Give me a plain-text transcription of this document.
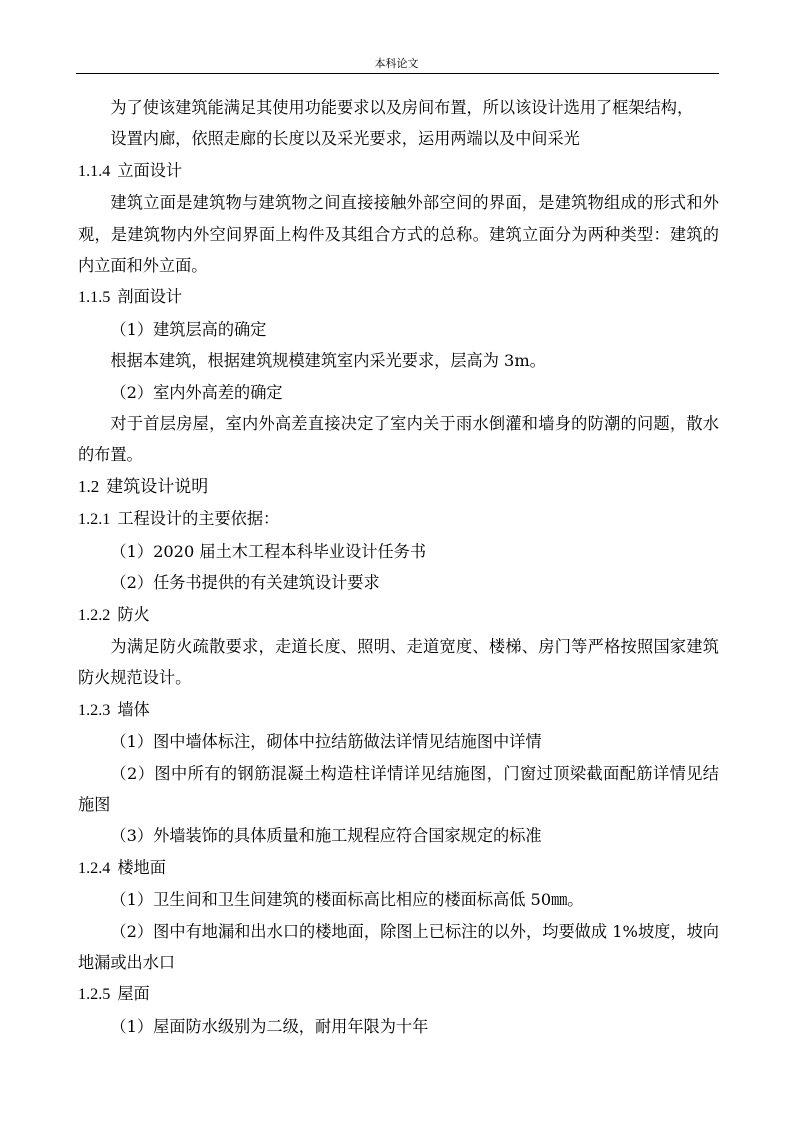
本科论文

为了使该建筑能满足其使用功能要求以及房间布置，所以该设计选用了框架结构，

设置内廊，依照走廊的长度以及采光要求，运用两端以及中间采光

1.1.4 立面设计

建筑立面是建筑物与建筑物之间直接接触外部空间的界面，是建筑物组成的形式和外观，是建筑物内外空间界面上构件及其组合方式的总称。建筑立面分为两种类型：建筑的内立面和外立面。

1.1.5 剖面设计

（1）建筑层高的确定

根据本建筑，根据建筑规模建筑室内采光要求，层高为 3m。

（2）室内外高差的确定

对于首层房屋，室内外高差直接决定了室内关于雨水倒灌和墙身的防潮的问题，散水的布置。

1.2 建筑设计说明
1.2.1 工程设计的主要依据：

（1）2020 届土木工程本科毕业设计任务书

（2）任务书提供的有关建筑设计要求

1.2.2 防火

为满足防火疏散要求，走道长度、照明、走道宽度、楼梯、房门等严格按照国家建筑防火规范设计。

1.2.3 墙体

（1）图中墙体标注，砌体中拉结筋做法详情见结施图中详情

（2）图中所有的钢筋混凝土构造柱详情详见结施图，门窗过顶梁截面配筋详情见结施图

（3）外墙装饰的具体质量和施工规程应符合国家规定的标准

1.2.4 楼地面

（1）卫生间和卫生间建筑的楼面标高比相应的楼面标高低 50㎜。

（2）图中有地漏和出水口的楼地面，除图上已标注的以外，均要做成 1%坡度，坡向地漏或出水口

1.2.5 屋面

（1）屋面防水级别为二级，耐用年限为十年
